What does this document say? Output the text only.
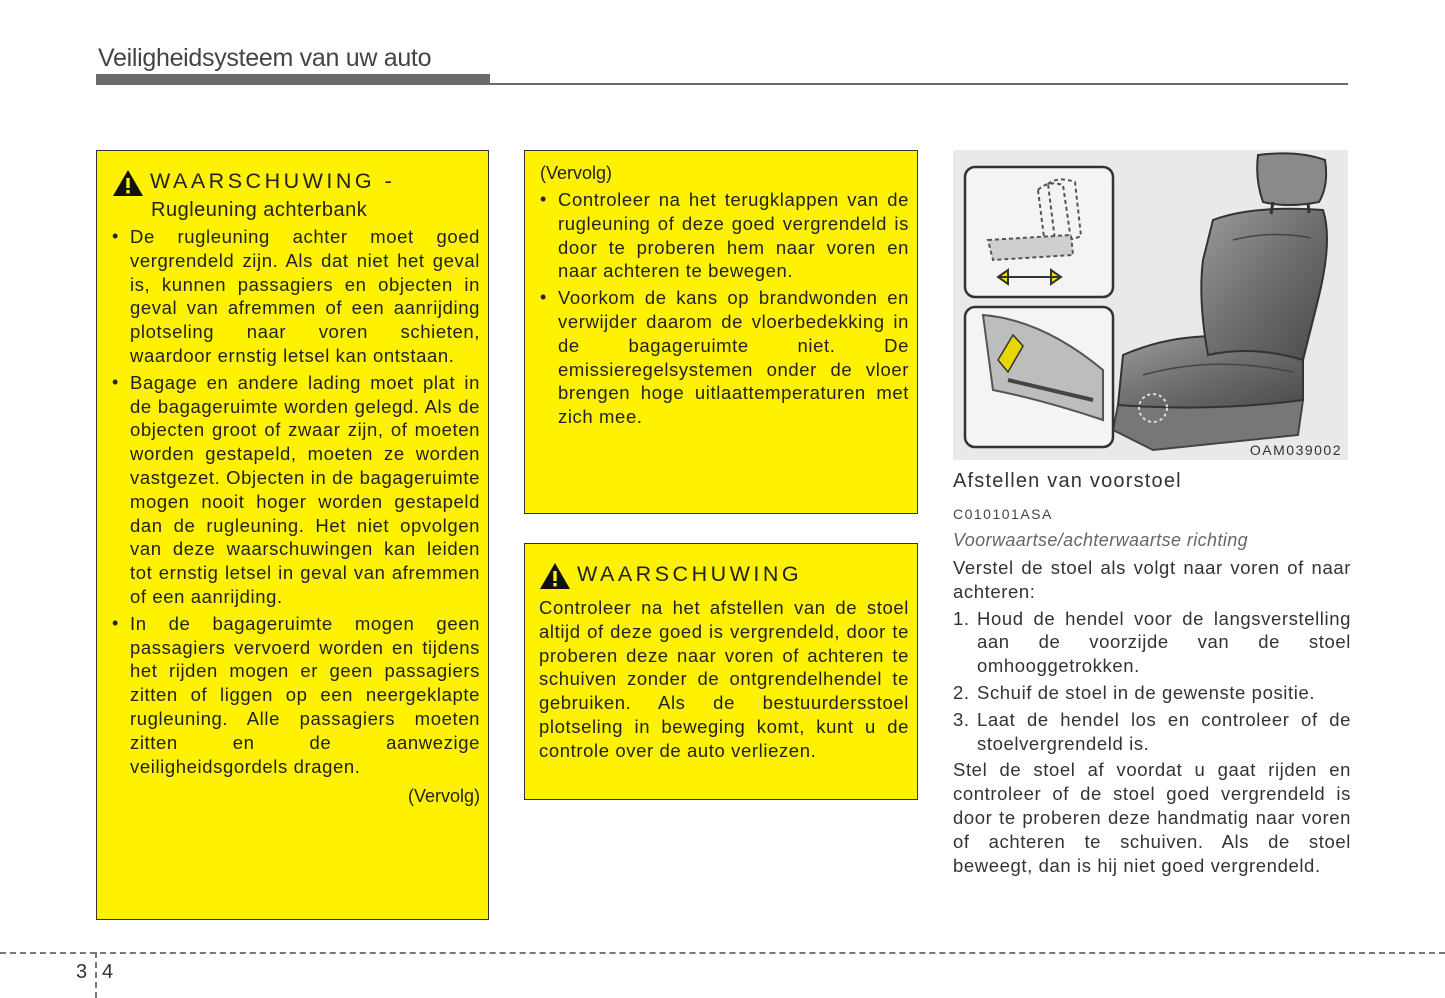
Veiligheidsysteem van uw auto
WAARSCHUWING -
Rugleuning achterbank
• De rugleuning achter moet goed vergrendeld zijn. Als dat niet het geval is, kunnen passagiers en objecten in geval van afremmen of een aanrijding plotseling naar voren schieten, waardoor ernstig letsel kan ontstaan.
• Bagage en andere lading moet plat in de bagageruimte worden gelegd. Als de objecten groot of zwaar zijn, of moeten worden gestapeld, moeten ze worden vastgezet. Objecten in de bagageruimte mogen nooit hoger worden gestapeld dan de rugleuning. Het niet opvolgen van deze waarschuwingen kan leiden tot ernstig letsel in geval van afremmen of een aanrijding.
• In de bagageruimte mogen geen passagiers vervoerd worden en tijdens het rijden mogen er geen passagiers zitten of liggen op een neergeklapte rugleuning. Alle passagiers moeten zitten en de aanwezige veiligheidsgordels dragen.
(Vervolg)
(Vervolg)
• Controleer na het terugklappen van de rugleuning of deze goed vergrendeld is door te proberen hem naar voren en naar achteren te bewegen.
• Voorkom de kans op brandwonden en verwijder daarom de vloerbedekking in de bagageruimte niet. De emissieregelsystemen onder de vloer brengen hoge uitlaattemperaturen met zich mee.
WAARSCHUWING
Controleer na het afstellen van de stoel altijd of deze goed is vergrendeld, door te proberen deze naar voren of achteren te schuiven zonder de ontgrendelhendel te gebruiken. Als de bestuurdersstoel plotseling in beweging komt, kunt u de controle over de auto verliezen.
OAM039002
Afstellen van voorstoel
C010101ASA
Voorwaartse/achterwaartse richting
Verstel de stoel als volgt naar voren of naar achteren:
1. Houd de hendel voor de langsverstelling aan de voorzijde van de stoel omhooggetrokken.
2. Schuif de stoel in de gewenste positie.
3. Laat de hendel los en controleer of de stoelvergrendeld is.
Stel de stoel af voordat u gaat rijden en controleer of de stoel goed vergrendeld is door te proberen deze handmatig naar voren of achteren te schuiven. Als de stoel beweegt, dan is hij niet goed vergrendeld.
3 4
